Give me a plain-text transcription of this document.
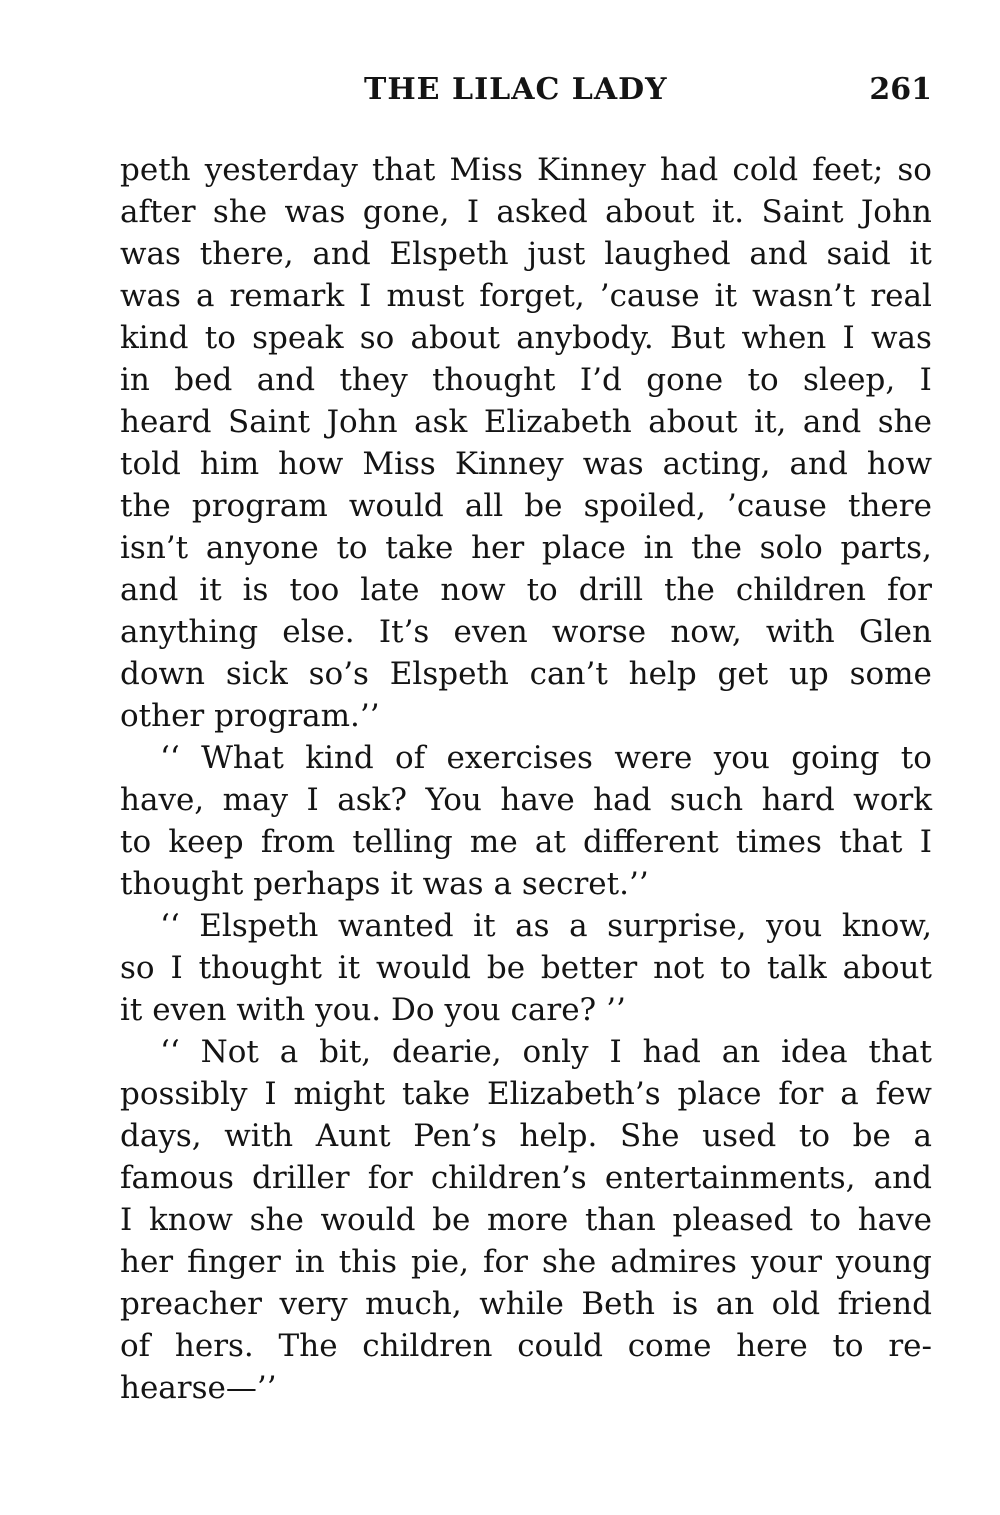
THE LILAC LADY	261
peth yesterday that Miss Kinney had cold feet; so
after she was gone, I asked about it. Saint John
was there, and Elspeth just laughed and said it
was a remark I must forget, ’cause it wasn’t real
kind to speak so about anybody. But when I was
in bed and they thought I’d gone to sleep, I
heard Saint John ask Elizabeth about it, and she
told him how Miss Kinney was acting, and how
the program would all be spoiled, ’cause there
isn’t anyone to take her place in the solo parts,
and it is too late now to drill the children for
anything else. It’s even worse now, with Glen
down sick so’s Elspeth can’t help get up some
other program.’’
‘‘ What kind of exercises were you going to
have, may I ask? You have had such hard work
to keep from telling me at different times that I
thought perhaps it was a secret.’’
‘‘ Elspeth wanted it as a surprise, you know,
so I thought it would be better not to talk about
it even with you. Do you care? ’’
‘‘ Not a bit, dearie, only I had an idea that
possibly I might take Elizabeth’s place for a few
days, with Aunt Pen’s help. She used to be a
famous driller for children’s entertainments, and
I know she would be more than pleased to have
her finger in this pie, for she admires your young
preacher very much, while Beth is an old friend
of hers. The children could come here to re-
hearse—’’
